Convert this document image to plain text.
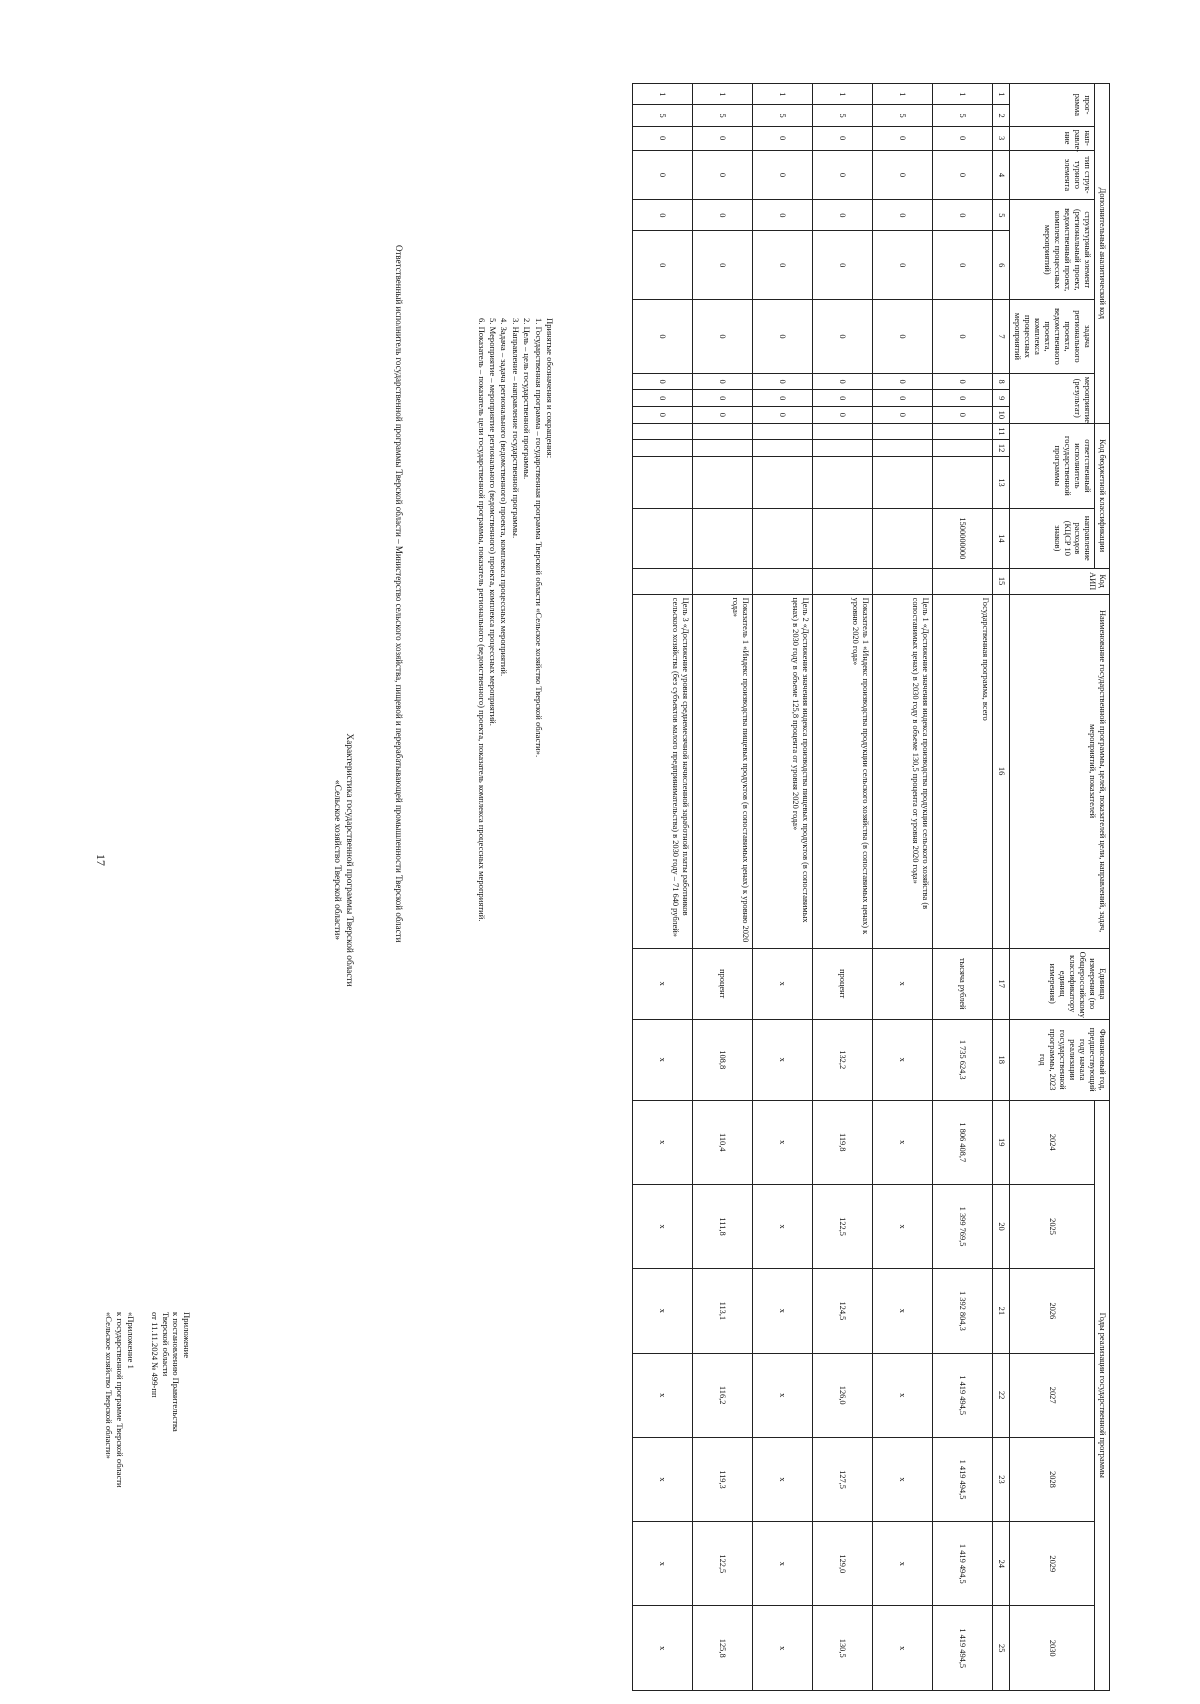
17
Приложение
к постановлению Правительства
Тверской области
от 11.11.2024 № 499-пп
«Приложение 1
к государственной программе Тверской области
«Сельское хозяйство Тверской области»
Характеристика государственной программы Тверской области
«Сельское хозяйство Тверской области»	Ответственный исполнитель государственной программы Тверской области – Министерство сельского хозяйства, пищевой и перерабатывающей промышленности Тверской области	Принятые обозначения и сокращения:
1. Государственная программа – государственная программа Тверской области «Сельское хозяйство Тверской области».
2. Цель – цель государственной программы.
3. Направление – направление государственной программы.
4. Задача – задача регионального (ведомственного) проекта, комплекса процессных мероприятий.
5. Мероприятие – мероприятие регионального (ведомственного) проекта, комплекса процессных мероприятий.
6. Показатель – показатель цели государственной программы, показатель регионального (ведомственного) проекта, показатель комплекса процессных мероприятий.
Дополнительный аналитический код										Код бюджетной классификации				Код АИП	Наименование государственной программы, целей, показателей цели, направлений, задач, мероприятий, показателей	Единица измерения (по Общероссийскому классификатору единиц измерения)	Финансовый год, предшествующий году начала реализации государственной программы, 2023 год	Годы реализации государственной программы						
прог-рамма		нап-равле-ние	тип струк-турного элемента	структурный элемент (региональный проект, ведомственный проект, комплекс процессных мероприятий)		задача регионального проекта, ведомственного проекта, комплекса процессных мероприятий	мероприятие (результат)			ответственный исполнитель государственной программы			направление расходов (КЦСР 10 знаков)											
																		2024	2025	2026	2027	2028	2029	2030
1	2	3	4	5	6	7	8	9	10	11	12	13	14	15	16	17	18	19	20	21	22	23	24	25
1	5	0	0	0	0	0	0	0	0				1500000000		Государственная программа, всего	тысяча рублей	1 735 624,3	1 806 408,7	1 399 769,5	1 392 804,3	1 419 494,5	1 419 494,5	1 419 494,5	1 419 494,5
1	5	0	0	0	0	0	0	0	0						Цель 1 «Достижение значения индекса производства продукции сельского хозяйства (в сопоставимых ценах) в 2030 году в объеме 130,5 процента от уровня 2020 года»	x	x	x	x	x	x	x	x	x
1	5	0	0	0	0	0	0	0	0						Показатель 1 «Индекс производства продукции сельского хозяйства (в сопоставимых ценах) к уровню 2020 года»	процент	132,2	119,8	122,5	124,5	126,0	127,5	129,0	130,5
1	5	0	0	0	0	0	0	0	0						Цель 2 «Достижение значения индекса производства пищевых продуктов (в сопоставимых ценах) в 2030 году в объеме 125,8 процента от уровня 2020 года»	x	x	x	x	x	x	x	x	x
1	5	0	0	0	0	0	0	0	0						Показатель 1 «Индекс производства пищевых продуктов (в сопоставимых ценах) к уровню 2020 года»	процент	108,8	110,4	111,8	113,1	116,2	119,3	122,5	125,8
1	5	0	0	0	0	0	0	0	0						Цель 3 «Достижение уровня среднемесячной начисленной заработной платы работников сельского хозяйства (без субъектов малого предпринимательства) в 2030 году – 71 640 рублей»	x	x	x	x	x	x	x	x	x
